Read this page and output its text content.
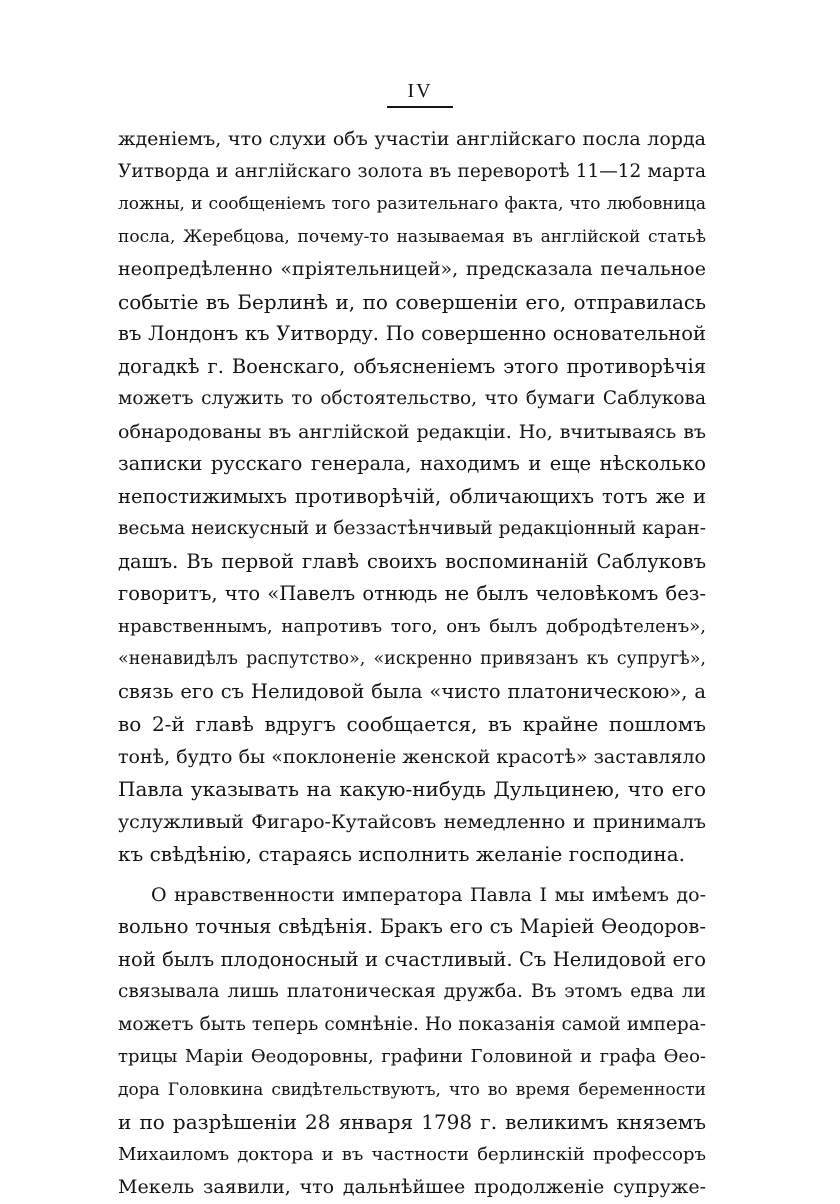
IV
жденіемъ, что слухи объ участіи англійскаго посла лорда
Уитворда и англійскаго золота въ переворотѣ 11—12 марта
ложны, и сообщеніемъ того разительнаго факта, что любовница
посла, Жеребцова, почему-то называемая въ англійской статьѣ
неопредѣленно «пріятельницей», предсказала печальное
событіе въ Берлинѣ и, по совершеніи его, отправилась
въ Лондонъ къ Уитворду. По совершенно основательной
догадкѣ г. Военскаго, объясненіемъ этого противорѣчія
можетъ служить то обстоятельство, что бумаги Саблукова
обнародованы въ англійской редакціи. Но, вчитываясь въ
записки русскаго генерала, находимъ и еще нѣсколько
непостижимыхъ противорѣчій, обличающихъ тотъ же и
весьма неискусный и беззастѣнчивый редакціонный каран-
дашъ. Въ первой главѣ своихъ воспоминаній Саблуковъ
говоритъ, что «Павелъ отнюдь не былъ человѣкомъ без-
нравственнымъ, напротивъ того, онъ былъ добродѣтеленъ»,
«ненавидѣлъ распутство», «искренно привязанъ къ супругѣ»,
связь его съ Нелидовой была «чисто платоническою», а
во 2-й главѣ вдругъ сообщается, въ крайне пошломъ
тонѣ, будто бы «поклоненіе женской красотѣ» заставляло
Павла указывать на какую-нибудь Дульцинею, что его
услужливый Фигаро-Кутайсовъ немедленно и принималъ
къ свѣдѣнію, стараясь исполнить желаніе господина.
О нравственности императора Павла I мы имѣемъ до-
вольно точныя свѣдѣнія. Бракъ его съ Маріей Ѳеодоров-
ной былъ плодоносный и счастливый. Съ Нелидовой его
связывала лишь платоническая дружба. Въ этомъ едва ли
можетъ быть теперь сомнѣніе. Но показанія самой импера-
трицы Маріи Ѳеодоровны, графини Головиной и графа Ѳео-
дора Головкина свидѣтельствуютъ, что во время беременности
и по разрѣшеніи 28 января 1798 г. великимъ княземъ
Михаиломъ доктора и въ частности берлинскій профессоръ
Мекель заявили, что дальнѣйшее продолженіе супруже-
